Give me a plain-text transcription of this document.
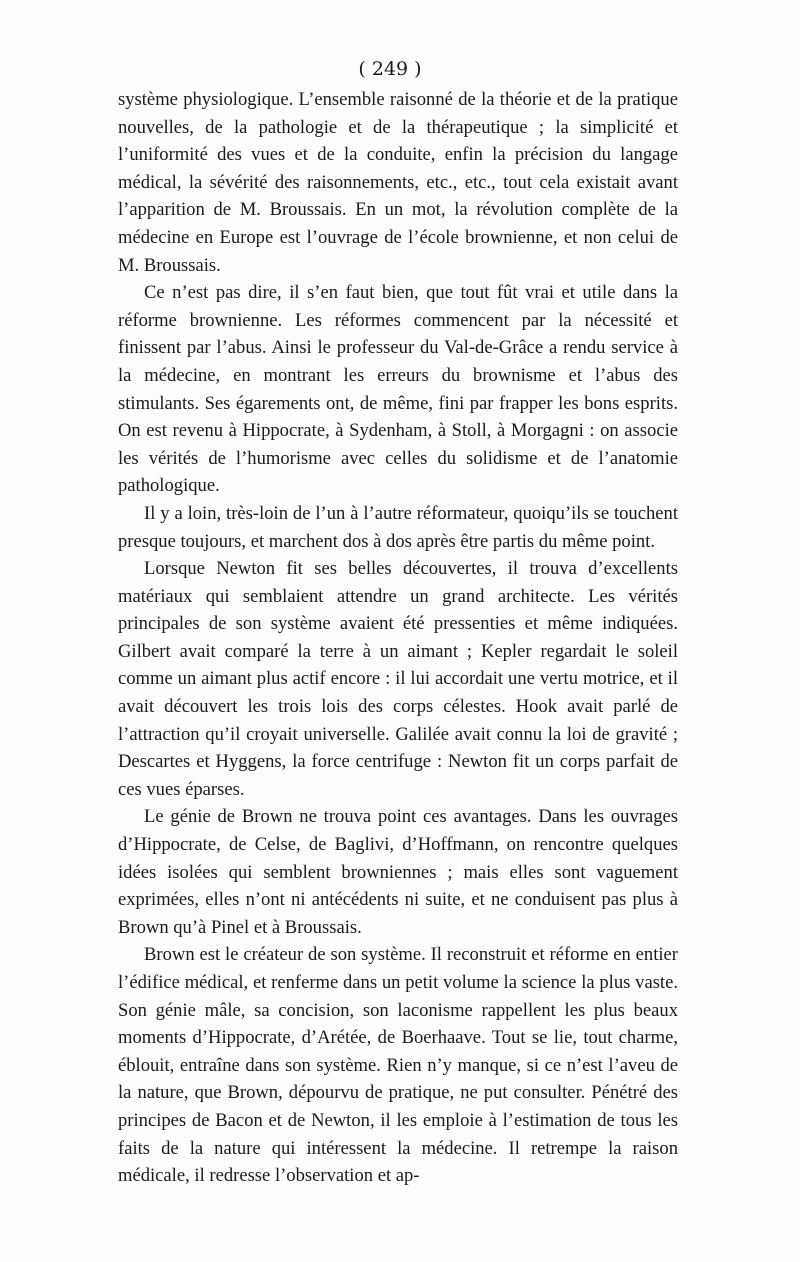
( 249 )

système physiologique. L’ensemble raisonné de la théorie et de la pratique nouvelles, de la pathologie et de la thérapeutique ; la simplicité et l’uniformité des vues et de la conduite, enfin la précision du langage médical, la sévérité des raisonnements, etc., etc., tout cela existait avant l’apparition de M. Broussais. En un mot, la révolution complète de la médecine en Europe est l’ouvrage de l’école brownienne, et non celui de M. Broussais.

Ce n’est pas dire, il s’en faut bien, que tout fût vrai et utile dans la réforme brownienne. Les réformes commencent par la nécessité et finissent par l’abus. Ainsi le professeur du Val-de-Grâce a rendu service à la médecine, en montrant les erreurs du brownisme et l’abus des stimulants. Ses égarements ont, de même, fini par frapper les bons esprits. On est revenu à Hippocrate, à Sydenham, à Stoll, à Morgagni : on associe les vérités de l’humorisme avec celles du solidisme et de l’anatomie pathologique.

Il y a loin, très-loin de l’un à l’autre réformateur, quoiqu’ils se touchent presque toujours, et marchent dos à dos après être partis du même point.

Lorsque Newton fit ses belles découvertes, il trouva d’excellents matériaux qui semblaient attendre un grand architecte. Les vérités principales de son système avaient été pressenties et même indiquées. Gilbert avait comparé la terre à un aimant ; Kepler regardait le soleil comme un aimant plus actif encore : il lui accordait une vertu motrice, et il avait découvert les trois lois des corps célestes. Hook avait parlé de l’attraction qu’il croyait universelle. Galilée avait connu la loi de gravité ; Descartes et Hyggens, la force centrifuge : Newton fit un corps parfait de ces vues éparses.

Le génie de Brown ne trouva point ces avantages. Dans les ouvrages d’Hippocrate, de Celse, de Baglivi, d’Hoffmann, on rencontre quelques idées isolées qui semblent browniennes ; mais elles sont vaguement exprimées, elles n’ont ni antécédents ni suite, et ne conduisent pas plus à Brown qu’à Pinel et à Broussais.

Brown est le créateur de son système. Il reconstruit et réforme en entier l’édifice médical, et renferme dans un petit volume la science la plus vaste. Son génie mâle, sa concision, son laconisme rappellent les plus beaux moments d’Hippocrate, d’Arétée, de Boerhaave. Tout se lie, tout charme, éblouit, entraîne dans son système. Rien n’y manque, si ce n’est l’aveu de la nature, que Brown, dépourvu de pratique, ne put consulter. Pénétré des principes de Bacon et de Newton, il les emploie à l’estimation de tous les faits de la nature qui intéressent la médecine. Il retrempe la raison médicale, il redresse l’observation et ap-
